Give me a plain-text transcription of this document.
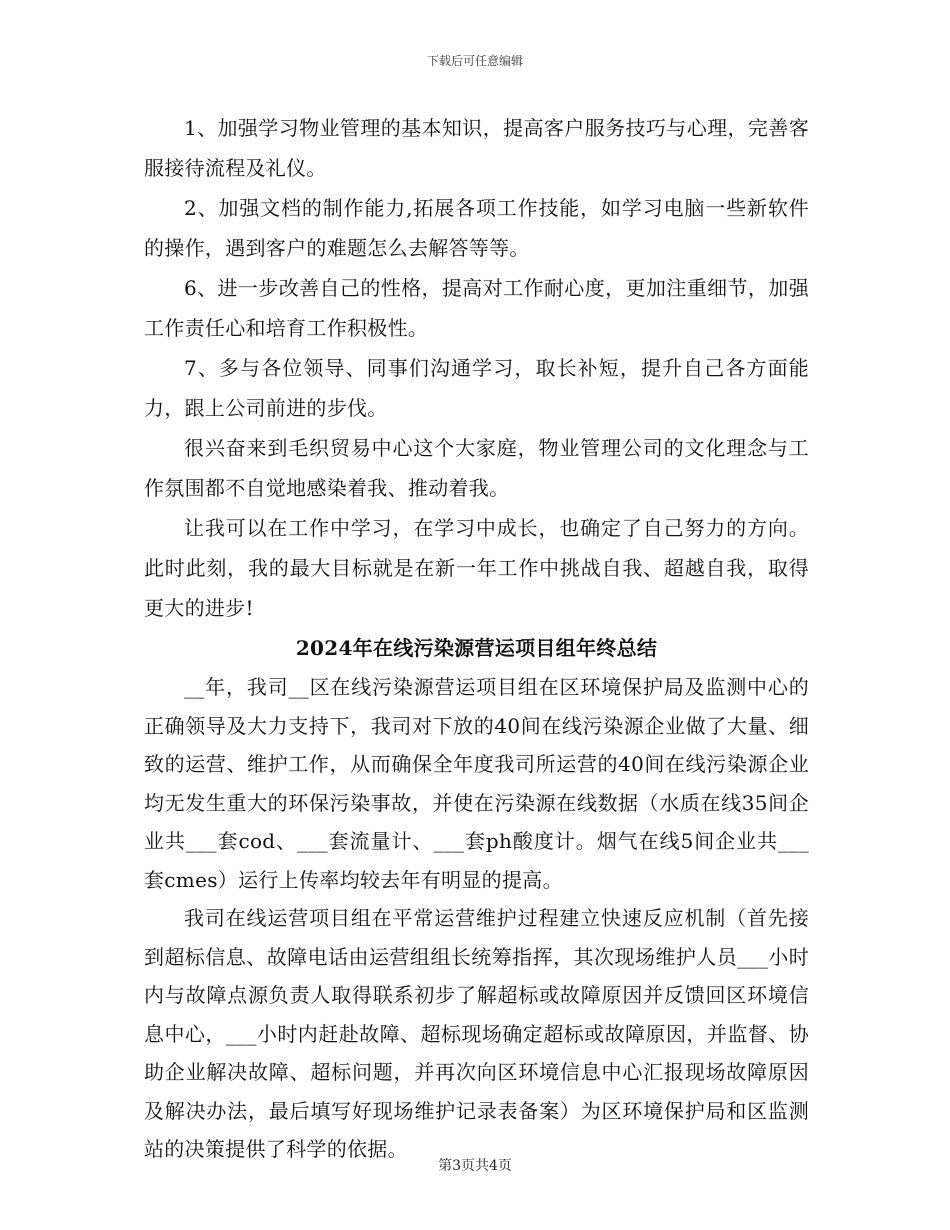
下载后可任意编辑

1、加强学习物业管理的基本知识，提高客户服务技巧与心理，完善客服接待流程及礼仪。

2、加强文档的制作能力,拓展各项工作技能，如学习电脑一些新软件的操作，遇到客户的难题怎么去解答等等。

6、进一步改善自己的性格，提高对工作耐心度，更加注重细节，加强工作责任心和培育工作积极性。

7、多与各位领导、同事们沟通学习，取长补短，提升自己各方面能力，跟上公司前进的步伐。

很兴奋来到毛织贸易中心这个大家庭，物业管理公司的文化理念与工作氛围都不自觉地感染着我、推动着我。

让我可以在工作中学习，在学习中成长，也确定了自己努力的方向。此时此刻，我的最大目标就是在新一年工作中挑战自我、超越自我，取得更大的进步!

2024年在线污染源营运项目组年终总结

__年，我司__区在线污染源营运项目组在区环境保护局及监测中心的正确领导及大力支持下，我司对下放的40间在线污染源企业做了大量、细致的运营、维护工作，从而确保全年度我司所运营的40间在线污染源企业均无发生重大的环保污染事故，并使在污染源在线数据（水质在线35间企业共___套cod、___套流量计、___套ph酸度计。烟气在线5间企业共___套cmes）运行上传率均较去年有明显的提高。

我司在线运营项目组在平常运营维护过程建立快速反应机制（首先接到超标信息、故障电话由运营组组长统筹指挥，其次现场维护人员___小时内与故障点源负责人取得联系初步了解超标或故障原因并反馈回区环境信息中心，___小时内赶赴故障、超标现场确定超标或故障原因，并监督、协助企业解决故障、超标问题，并再次向区环境信息中心汇报现场故障原因及解决办法，最后填写好现场维护记录表备案）为区环境保护局和区监测站的决策提供了科学的依据。

第3页共4页
